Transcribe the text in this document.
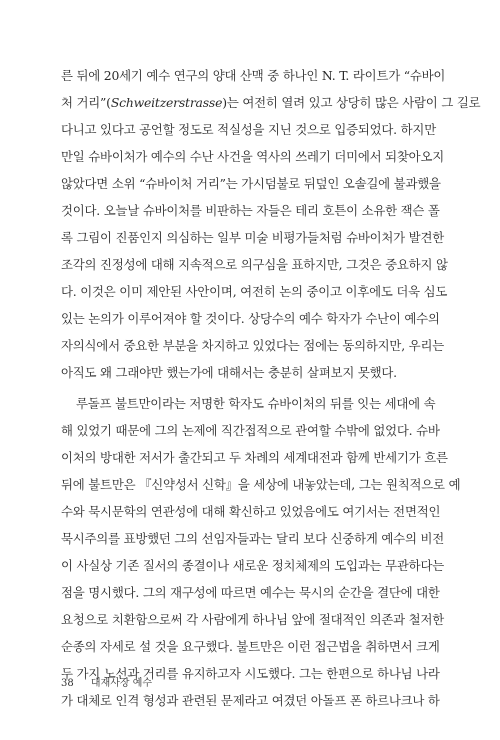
른 뒤에 20세기 예수 연구의 양대 산맥 중 하나인 N. T. 라이트가 “슈바이
처 거리”(Schweitzerstrasse)는 여전히 열려 있고 상당히 많은 사람이 그 길로
다니고 있다고 공언할 정도로 적실성을 지닌 것으로 입증되었다. 하지만
만일 슈바이처가 예수의 수난 사건을 역사의 쓰레기 더미에서 되찾아오지
않았다면 소위 “슈바이처 거리”는 가시덤불로 뒤덮인 오솔길에 불과했을
것이다. 오늘날 슈바이처를 비판하는 자들은 테리 호튼이 소유한 잭슨 폴
록 그림이 진품인지 의심하는 일부 미술 비평가들처럼 슈바이처가 발견한
조각의 진정성에 대해 지속적으로 의구심을 표하지만, 그것은 중요하지 않
다. 이것은 이미 제안된 사안이며, 여전히 논의 중이고 이후에도 더욱 심도
있는 논의가 이루어져야 할 것이다. 상당수의 예수 학자가 수난이 예수의
자의식에서 중요한 부분을 차지하고 있었다는 점에는 동의하지만, 우리는
아직도 왜 그래야만 했는가에 대해서는 충분히 살펴보지 못했다.
루돌프 불트만이라는 저명한 학자도 슈바이처의 뒤를 잇는 세대에 속
해 있었기 때문에 그의 논제에 직간접적으로 관여할 수밖에 없었다. 슈바
이처의 방대한 저서가 출간되고 두 차례의 세계대전과 함께 반세기가 흐른
뒤에 불트만은 『신약성서 신학』을 세상에 내놓았는데, 그는 원칙적으로 예
수와 묵시문학의 연관성에 대해 확신하고 있었음에도 여기서는 전면적인
묵시주의를 표방했던 그의 선임자들과는 달리 보다 신중하게 예수의 비전
이 사실상 기존 질서의 종결이나 새로운 정치체제의 도입과는 무관하다는
점을 명시했다. 그의 재구성에 따르면 예수는 묵시의 순간을 결단에 대한
요청으로 치환함으로써 각 사람에게 하나님 앞에 절대적인 의존과 철저한
순종의 자세로 설 것을 요구했다. 불트만은 이런 접근법을 취하면서 크게
두 가지 노선과 거리를 유지하고자 시도했다. 그는 한편으로 하나님 나라
가 대체로 인격 형성과 관련된 문제라고 여겼던 아돌프 폰 하르나크나 하
38 대재사장 예수
